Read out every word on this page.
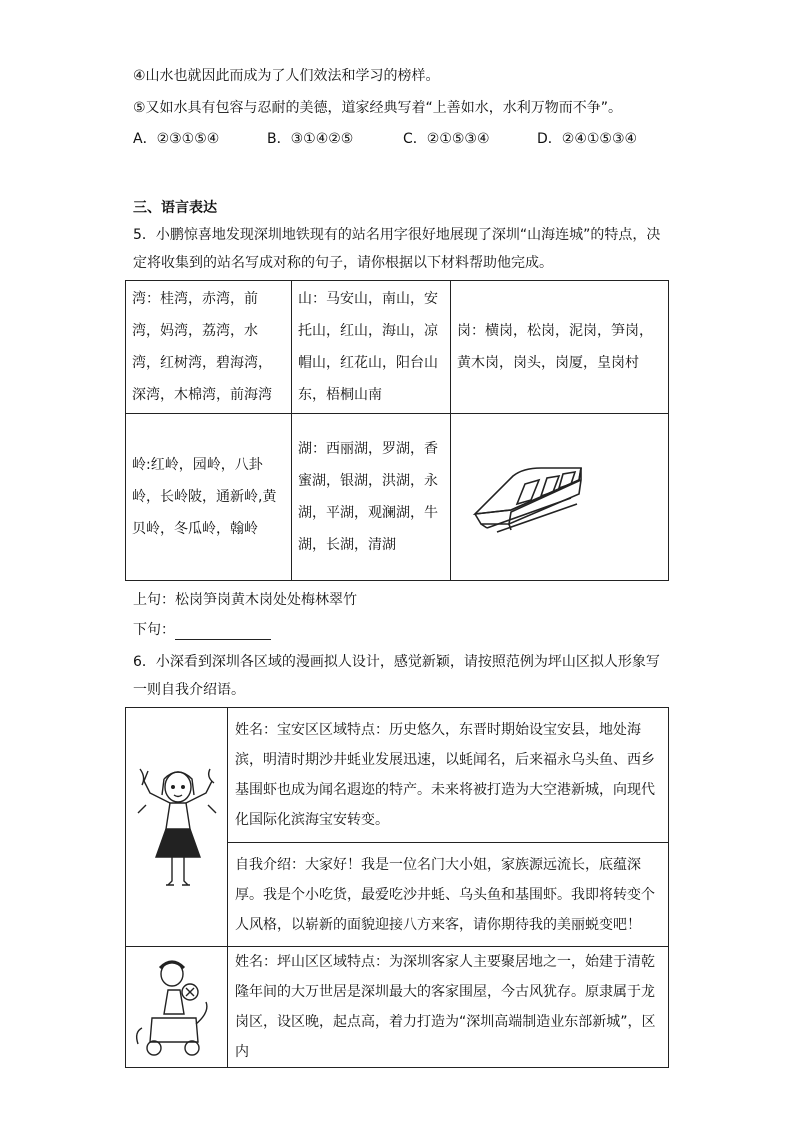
④山水也就因此而成为了人们效法和学习的榜样。
⑤又如水具有包容与忍耐的美德，道家经典写着“上善如水，水利万物而不争”。
A．②③①⑤④	B．③①④②⑤	C．②①⑤③④	D．②④①⑤③④
三、语言表达
5．小鹏惊喜地发现深圳地铁现有的站名用字很好地展现了深圳“山海连城”的特点，决
定将收集到的站名写成对称的句子，请你根据以下材料帮助他完成。
湾：桂湾，赤湾，前湾，妈湾，荔湾，水湾，红树湾，碧海湾，深湾，木棉湾，前海湾	山：马安山，南山，安托山，红山，海山，凉帽山，红花山，阳台山东，梧桐山南	岗：横岗，松岗，泥岗，笋岗，黄木岗，岗头，岗厦，皇岗村

岭:红岭，园岭，八卦岭，长岭陂，通新岭,黄贝岭，冬瓜岭，翰岭	湖：西丽湖，罗湖，香蜜湖，银湖，洪湖，永湖，平湖，观澜湖，牛湖，长湖，清湖

上句：松岗笋岗黄木岗处处梅林翠竹
下句：
6．小深看到深圳各区域的漫画拟人设计，感觉新颖，请按照范例为坪山区拟人形象写
一则自我介绍语。

姓名：宝安区区域特点：历史悠久，东晋时期始设宝安县，地处海滨，明清时期沙井蚝业发展迅速，以蚝闻名，后来福永乌头鱼、西乡基围虾也成为闻名遐迩的特产。未来将被打造为大空港新城，向现代化国际化滨海宝安转变。

	自我介绍：大家好！我是一位名门大小姐，家族源远流长，底蕴深厚。我是个小吃货，最爱吃沙井蚝、乌头鱼和基围虾。我即将转变个人风格，以崭新的面貌迎接八方来客，请你期待我的美丽蜕变吧！

姓名：坪山区区域特点：为深圳客家人主要聚居地之一，始建于清乾隆年间的大万世居是深圳最大的客家围屋，今古风犹存。原隶属于龙岗区，设区晚，起点高，着力打造为“深圳高端制造业东部新城”，区内
